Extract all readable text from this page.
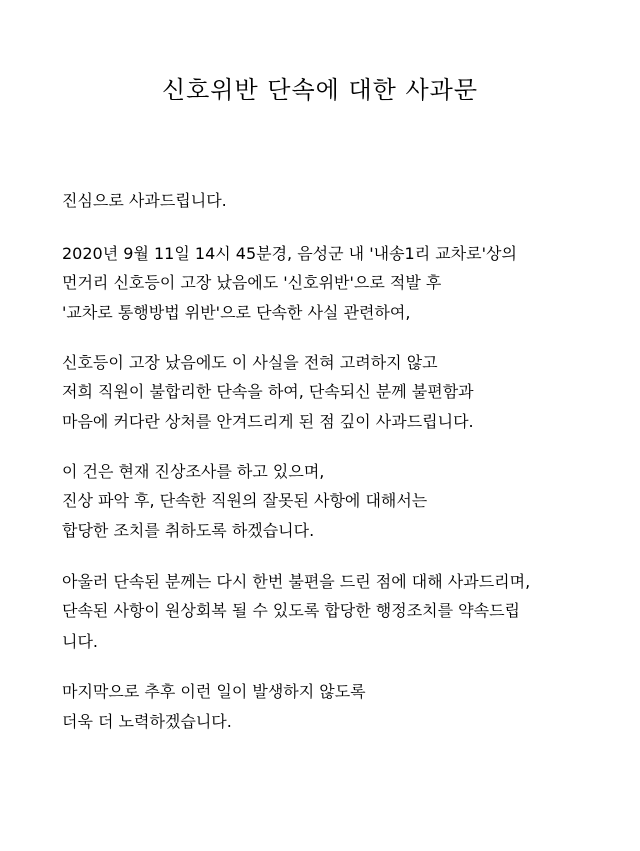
신호위반 단속에 대한 사과문

진심으로 사과드립니다.

2020년 9월 11일 14시 45분경, 음성군 내 '내송1리 교차로'상의

먼거리 신호등이 고장 났음에도 '신호위반'으로 적발 후

'교차로 통행방법 위반'으로 단속한 사실 관련하여,

신호등이 고장 났음에도 이 사실을 전혀 고려하지 않고

저희 직원이 불합리한 단속을 하여, 단속되신 분께 불편함과

마음에 커다란 상처를 안겨드리게 된 점 깊이 사과드립니다.

이 건은 현재 진상조사를 하고 있으며,

진상 파악 후, 단속한 직원의 잘못된 사항에 대해서는

합당한 조치를 취하도록 하겠습니다.

아울러 단속된 분께는 다시 한번 불편을 드린 점에 대해 사과드리며,

단속된 사항이 원상회복 될 수 있도록 합당한 행정조치를 약속드립

니다.

마지막으로 추후 이런 일이 발생하지 않도록

더욱 더 노력하겠습니다.
